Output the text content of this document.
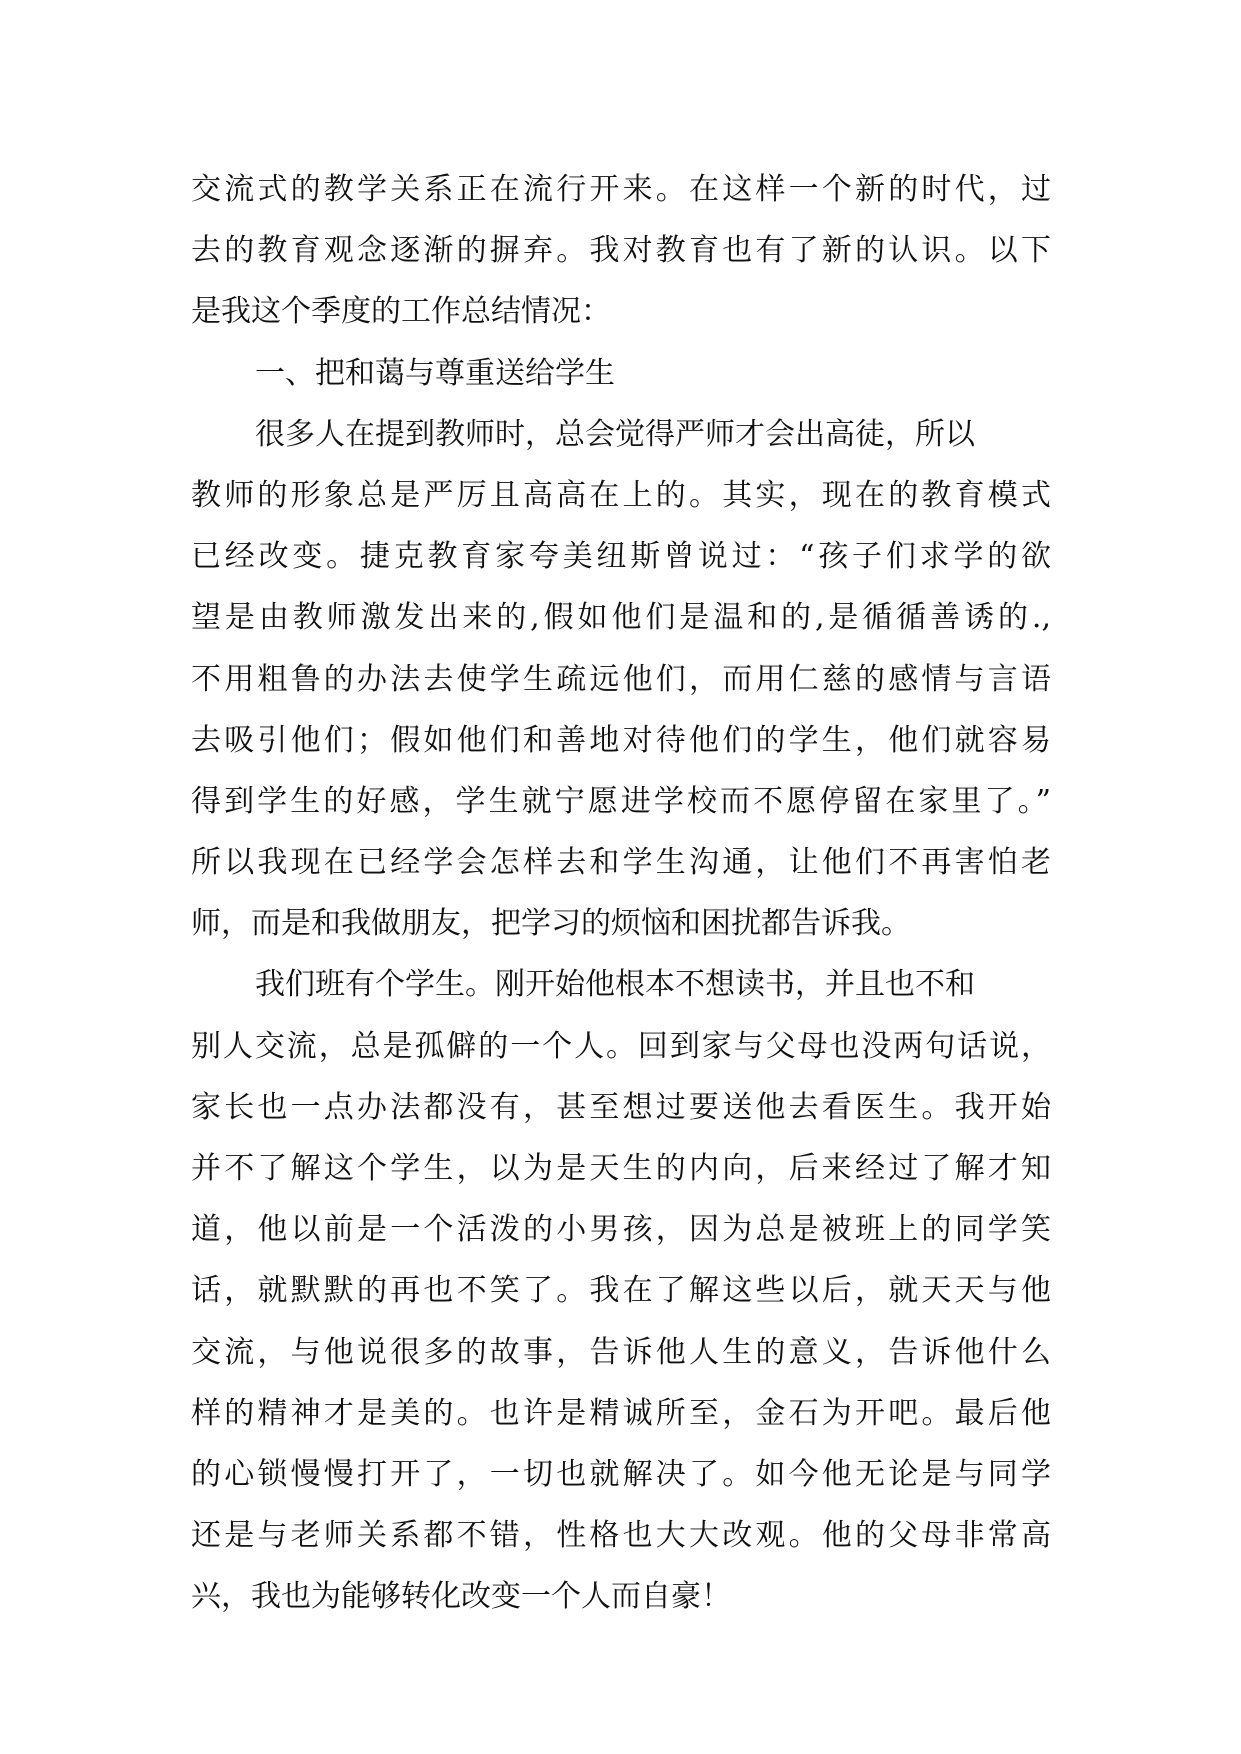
交流式的教学关系正在流行开来。在这样一个新的时代，过
去的教育观念逐渐的摒弃。我对教育也有了新的认识。以下
是我这个季度的工作总结情况：
一、把和蔼与尊重送给学生
很多人在提到教师时，总会觉得严师才会出高徒，所以
教师的形象总是严厉且高高在上的。其实，现在的教育模式
已经改变。捷克教育家夸美纽斯曾说过：“孩子们求学的欲
望是由教师激发出来的,假如他们是温和的,是循循善诱的.,
不用粗鲁的办法去使学生疏远他们，而用仁慈的感情与言语
去吸引他们；假如他们和善地对待他们的学生，他们就容易
得到学生的好感，学生就宁愿进学校而不愿停留在家里了。”
所以我现在已经学会怎样去和学生沟通，让他们不再害怕老
师，而是和我做朋友，把学习的烦恼和困扰都告诉我。
我们班有个学生。刚开始他根本不想读书，并且也不和
别人交流，总是孤僻的一个人。回到家与父母也没两句话说，
家长也一点办法都没有，甚至想过要送他去看医生。我开始
并不了解这个学生，以为是天生的内向，后来经过了解才知
道，他以前是一个活泼的小男孩，因为总是被班上的同学笑
话，就默默的再也不笑了。我在了解这些以后，就天天与他
交流，与他说很多的故事，告诉他人生的意义，告诉他什么
样的精神才是美的。也许是精诚所至，金石为开吧。最后他
的心锁慢慢打开了，一切也就解决了。如今他无论是与同学
还是与老师关系都不错，性格也大大改观。他的父母非常高
兴，我也为能够转化改变一个人而自豪！
